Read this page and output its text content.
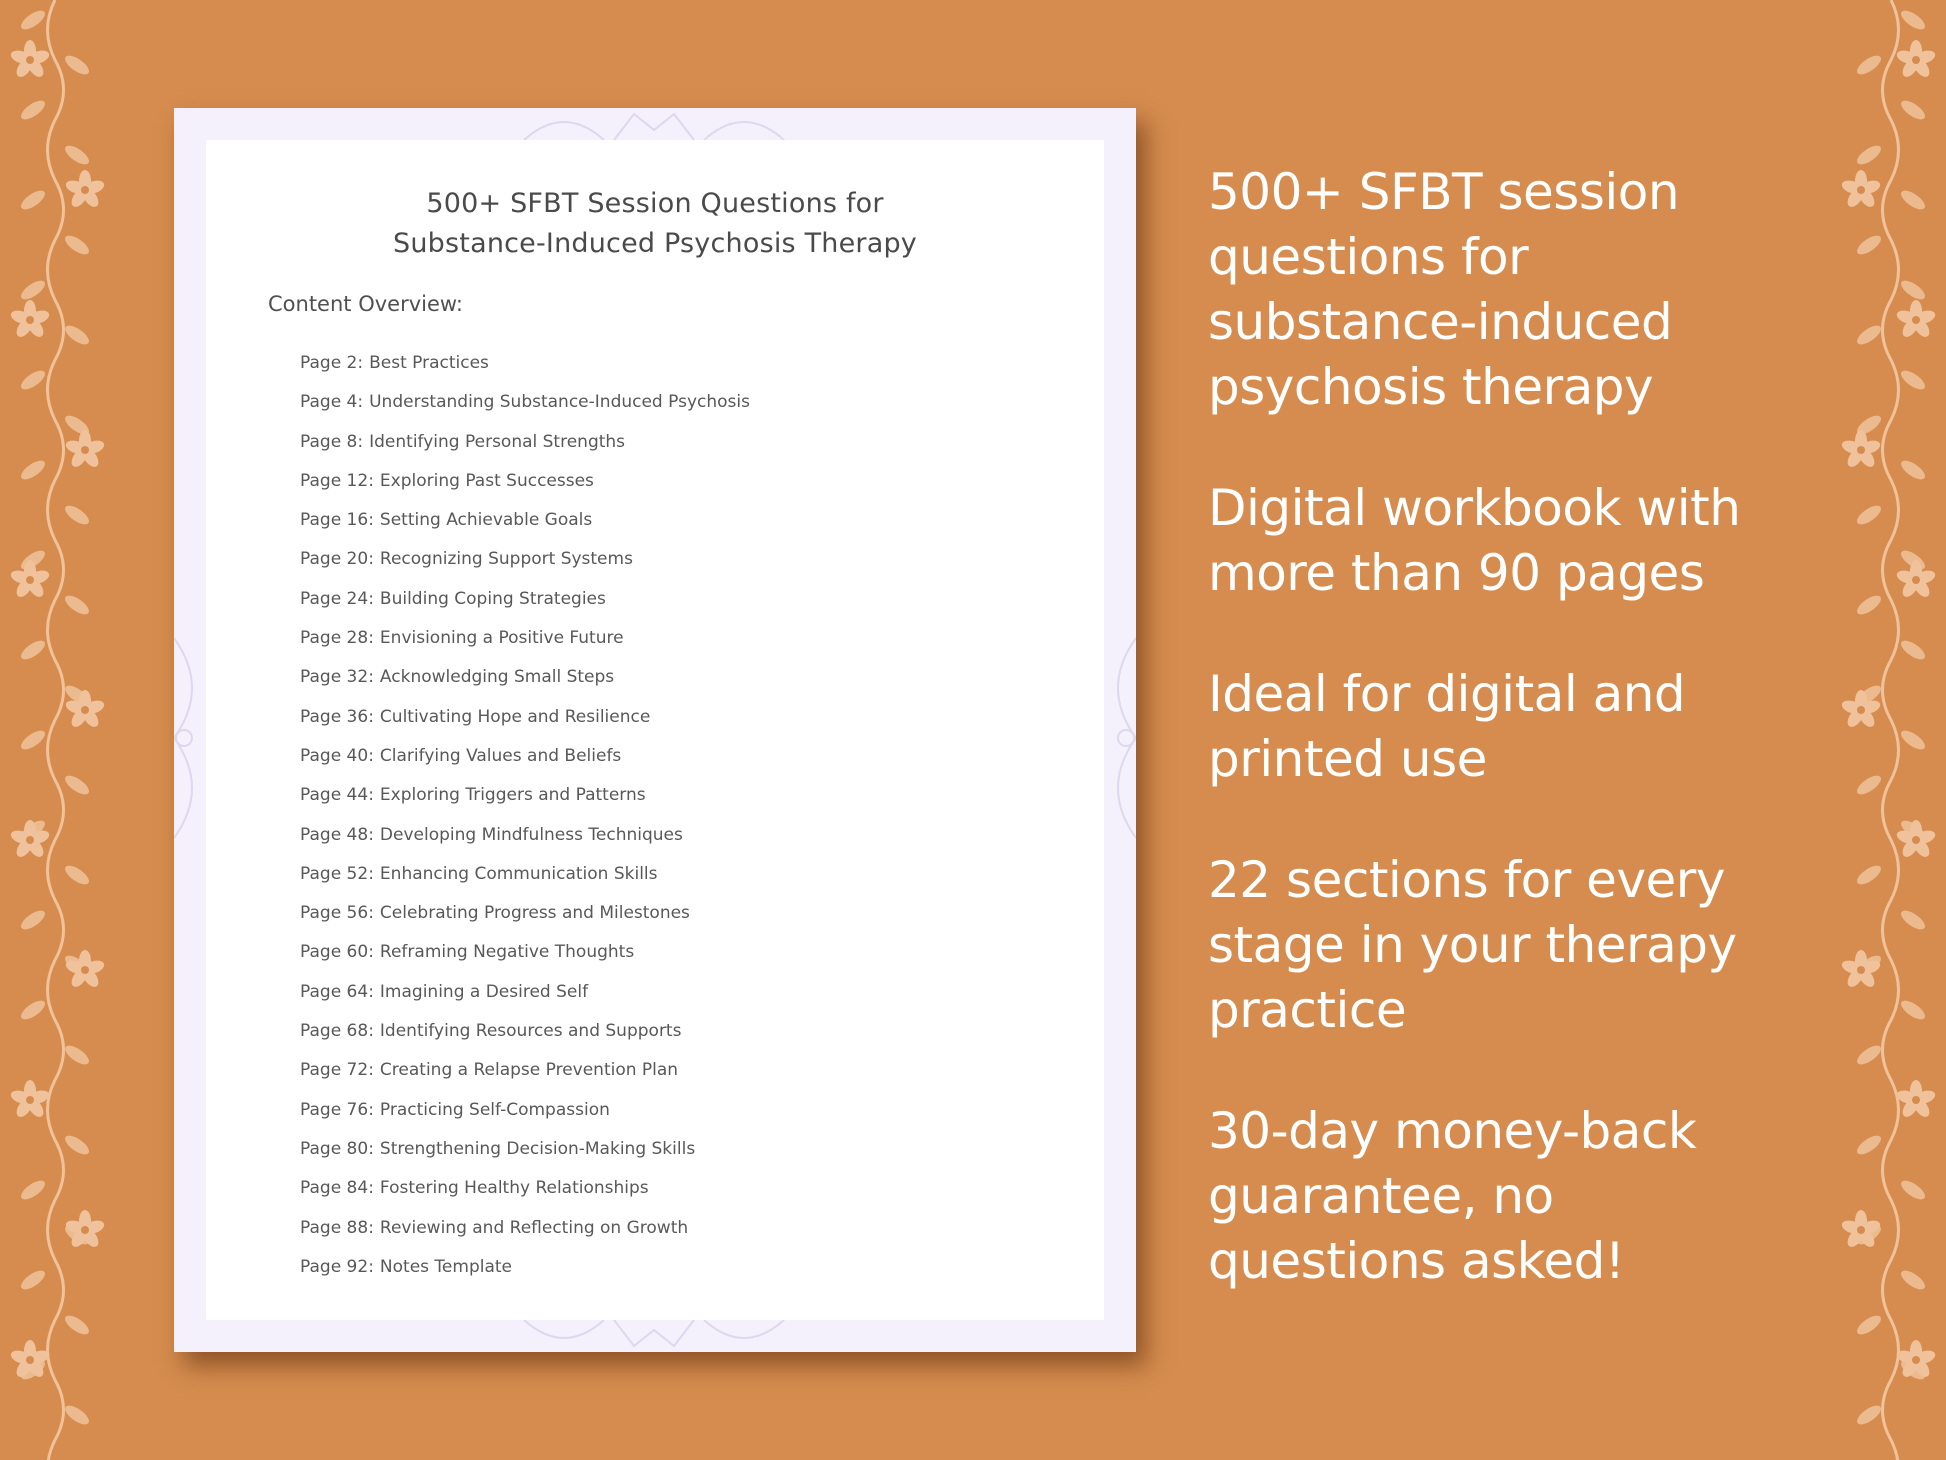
500+ SFBT Session Questions for
Substance-Induced Psychosis Therapy
Content Overview:
Page 2: Best Practices
Page 4: Understanding Substance-Induced Psychosis
Page 8: Identifying Personal Strengths
Page 12: Exploring Past Successes
Page 16: Setting Achievable Goals
Page 20: Recognizing Support Systems
Page 24: Building Coping Strategies
Page 28: Envisioning a Positive Future
Page 32: Acknowledging Small Steps
Page 36: Cultivating Hope and Resilience
Page 40: Clarifying Values and Beliefs
Page 44: Exploring Triggers and Patterns
Page 48: Developing Mindfulness Techniques
Page 52: Enhancing Communication Skills
Page 56: Celebrating Progress and Milestones
Page 60: Reframing Negative Thoughts
Page 64: Imagining a Desired Self
Page 68: Identifying Resources and Supports
Page 72: Creating a Relapse Prevention Plan
Page 76: Practicing Self-Compassion
Page 80: Strengthening Decision-Making Skills
Page 84: Fostering Healthy Relationships
Page 88: Reviewing and Reflecting on Growth
Page 92: Notes Template
500+ SFBT session
questions for
substance-induced
psychosis therapy
Digital workbook with
more than 90 pages
Ideal for digital and
printed use
22 sections for every
stage in your therapy
practice
30-day money-back
guarantee, no
questions asked!
